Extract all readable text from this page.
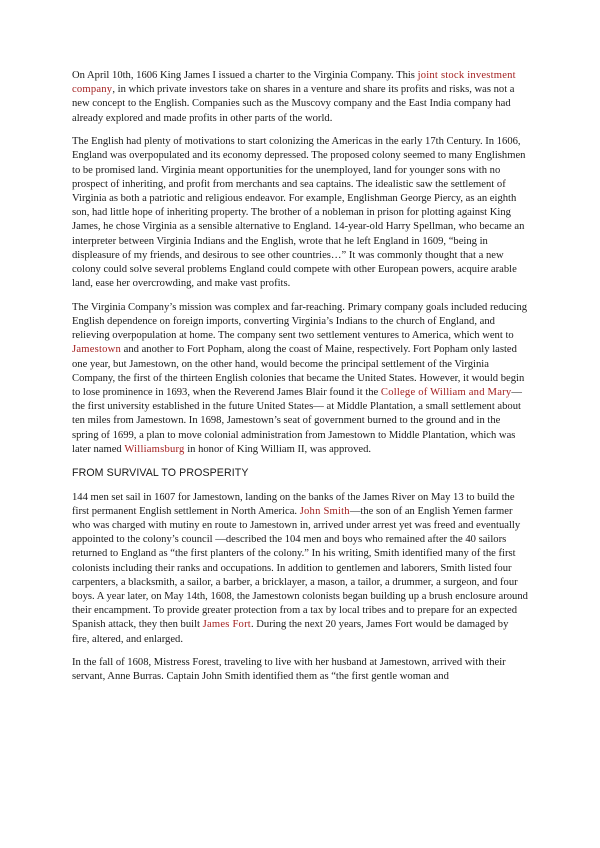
On April 10th, 1606 King James I issued a charter to the Virginia Company. This joint stock investment company, in which private investors take on shares in a venture and share its profits and risks, was not a new concept to the English. Companies such as the Muscovy company and the East India company had already explored and made profits in other parts of the world.

The English had plenty of motivations to start colonizing the Americas in the early 17th Century. In 1606, England was overpopulated and its economy depressed. The proposed colony seemed to many Englishmen to be promised land. Virginia meant opportunities for the unemployed, land for younger sons with no prospect of inheriting, and profit from merchants and sea captains. The idealistic saw the settlement of Virginia as both a patriotic and religious endeavor. For example, Englishman George Piercy, as an eighth son, had little hope of inheriting property. The brother of a nobleman in prison for plotting against King James, he chose Virginia as a sensible alternative to England. 14-year-old Harry Spellman, who became an interpreter between Virginia Indians and the English, wrote that he left England in 1609, “being in displeasure of my friends, and desirous to see other countries…” It was commonly thought that a new colony could solve several problems England could compete with other European powers, acquire arable land, ease her overcrowding, and make vast profits.

The Virginia Company’s mission was complex and far-reaching. Primary company goals included reducing English dependence on foreign imports, converting Virginia’s Indians to the church of England, and relieving overpopulation at home. The company sent two settlement ventures to America, which went to Jamestown and another to Fort Popham, along the coast of Maine, respectively. Fort Popham only lasted one year, but Jamestown, on the other hand, would become the principal settlement of the Virginia Company, the first of the thirteen English colonies that became the United States. However, it would begin to lose prominence in 1693, when the Reverend James Blair found it the College of William and Mary—the first university established in the future United States— at Middle Plantation, a small settlement about ten miles from Jamestown. In 1698, Jamestown’s seat of government burned to the ground and in the spring of 1699, a plan to move colonial administration from Jamestown to Middle Plantation, which was later named Williamsburg in honor of King William II, was approved.

FROM SURVIVAL TO PROSPERITY

144 men set sail in 1607 for Jamestown, landing on the banks of the James River on May 13 to build the first permanent English settlement in North America. John Smith—the son of an English Yemen farmer who was charged with mutiny en route to Jamestown in, arrived under arrest yet was freed and eventually appointed to the colony’s council —described the 104 men and boys who remained after the 40 sailors returned to England as “the first planters of the colony.” In his writing, Smith identified many of the first colonists including their ranks and occupations. In addition to gentlemen and laborers, Smith listed four carpenters, a blacksmith, a sailor, a barber, a bricklayer, a mason, a tailor, a drummer, a surgeon, and four boys. A year later, on May 14th, 1608, the Jamestown colonists began building up a brush enclosure around their encampment. To provide greater protection from a tax by local tribes and to prepare for an expected Spanish attack, they then built James Fort. During the next 20 years, James Fort would be damaged by fire, altered, and enlarged.

In the fall of 1608, Mistress Forest, traveling to live with her husband at Jamestown, arrived with their servant, Anne Burras. Captain John Smith identified them as “the first gentle woman and
